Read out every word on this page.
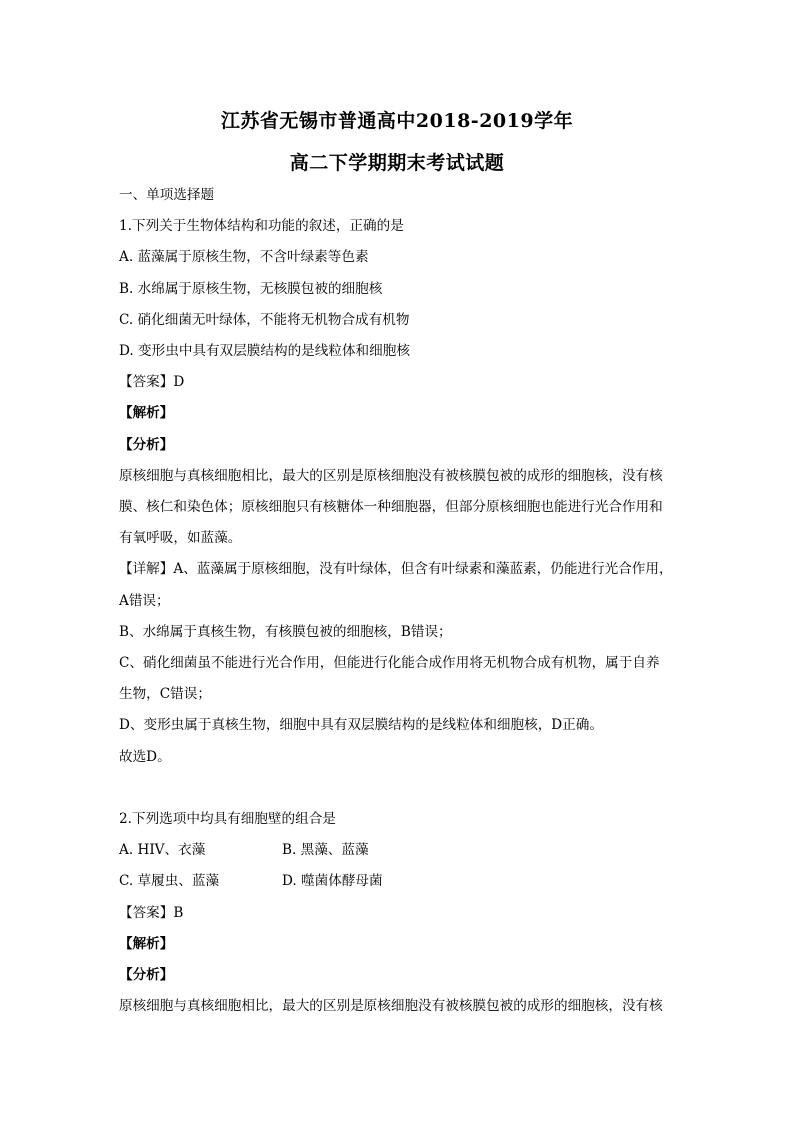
江苏省无锡市普通高中2018-2019学年
高二下学期期末考试试题
一、单项选择题
1.下列关于生物体结构和功能的叙述，正确的是
A. 蓝藻属于原核生物，不含叶绿素等色素
B. 水绵属于原核生物，无核膜包被的细胞核
C. 硝化细菌无叶绿体，不能将无机物合成有机物
D. 变形虫中具有双层膜结构的是线粒体和细胞核
【答案】D
【解析】
【分析】
原核细胞与真核细胞相比，最大的区别是原核细胞没有被核膜包被的成形的细胞核，没有核
膜、核仁和染色体；原核细胞只有核糖体一种细胞器，但部分原核细胞也能进行光合作用和
有氧呼吸，如蓝藻。
【详解】A、蓝藻属于原核细胞，没有叶绿体，但含有叶绿素和藻蓝素，仍能进行光合作用，
A错误；
B、水绵属于真核生物，有核膜包被的细胞核，B错误；
C、硝化细菌虽不能进行光合作用，但能进行化能合成作用将无机物合成有机物，属于自养
生物，C错误；
D、变形虫属于真核生物，细胞中具有双层膜结构的是线粒体和细胞核，D正确。
故选D。
2.下列选项中均具有细胞壁的组合是
A. HIV、衣藻	B. 黑藻、蓝藻
C. 草履虫、蓝藻	D. 噬菌体酵母菌
【答案】B
【解析】
【分析】
原核细胞与真核细胞相比，最大的区别是原核细胞没有被核膜包被的成形的细胞核，没有核
